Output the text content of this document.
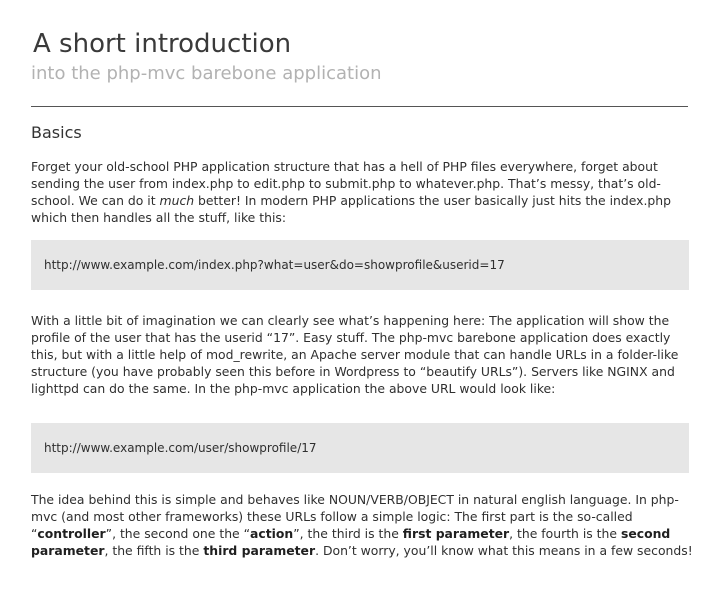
A short introduction
into the php-mvc barebone application
Basics

Forget your old-school PHP application structure that has a hell of PHP files everywhere, forget about sending the user from index.php to edit.php to submit.php to whatever.php. That’s messy, that’s old-school. We can do it much better! In modern PHP applications the user basically just hits the index.php which then handles all the stuff, like this:

http://www.example.com/index.php?what=user&do=showprofile&userid=17

With a little bit of imagination we can clearly see what’s happening here: The application will show the profile of the user that has the userid “17”. Easy stuff. The php-mvc barebone application does exactly this, but with a little help of mod_rewrite, an Apache server module that can handle URLs in a folder-like structure (you have probably seen this before in Wordpress to “beautify URLs”). Servers like NGINX and lighttpd can do the same. In the php-mvc application the above URL would look like:

http://www.example.com/user/showprofile/17

The idea behind this is simple and behaves like NOUN/VERB/OBJECT in natural english language. In php-mvc (and most other frameworks) these URLs follow a simple logic: The first part is the so-called “controller”, the second one the “action”, the third is the first parameter, the fourth is the second parameter, the fifth is the third parameter. Don’t worry, you’ll know what this means in a few seconds!
